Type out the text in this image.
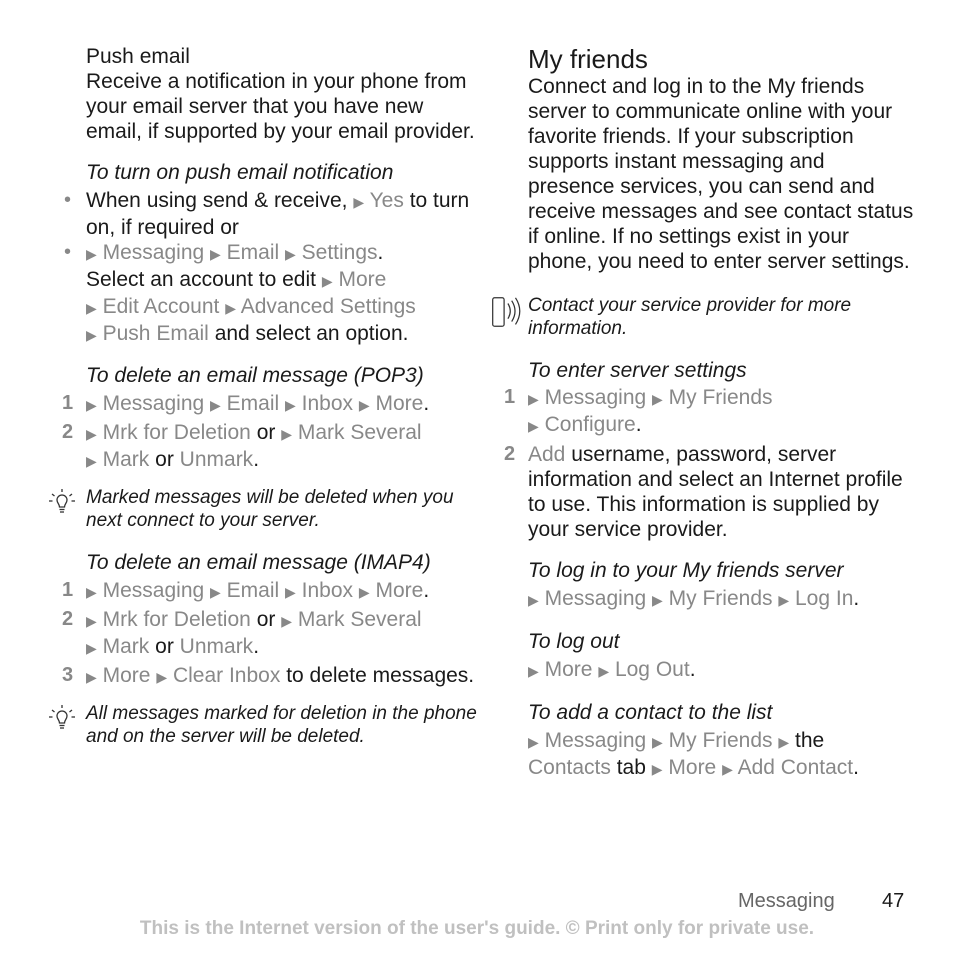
Push email

Receive a notification in your phone from your email server that you have new email, if supported by your email provider.

To turn on push email notification

• When using send & receive, ▶ Yes to turn on, if required or
• ▶ Messaging ▶ Email ▶ Settings.
Select an account to edit ▶ More
▶ Edit Account ▶ Advanced Settings
▶ Push Email and select an option.

To delete an email message (POP3)

1 ▶ Messaging ▶ Email ▶ Inbox ▶ More.
2 ▶ Mrk for Deletion or ▶ Mark Several
▶ Mark or Unmark.
Marked messages will be deleted when you next connect to your server.

To delete an email message (IMAP4)

1 ▶ Messaging ▶ Email ▶ Inbox ▶ More.
2 ▶ Mrk for Deletion or ▶ Mark Several
▶ Mark or Unmark.
3 ▶ More ▶ Clear Inbox to delete messages.
All messages marked for deletion in the phone and on the server will be deleted.
My friends

Connect and log in to the My friends server to communicate online with your favorite friends. If your subscription supports instant messaging and presence services, you can send and receive messages and see contact status if online. If no settings exist in your phone, you need to enter server settings.

Contact your service provider for more information.

To enter server settings

1 ▶ Messaging ▶ My Friends
▶ Configure.
2 Add username, password, server information and select an Internet profile to use. This information is supplied by your service provider.

To log in to your My friends server

▶ Messaging ▶ My Friends ▶ Log In.

To log out

▶ More ▶ Log Out.

To add a contact to the list

▶ Messaging ▶ My Friends ▶ the
Contacts tab ▶ More ▶ Add Contact.
Messaging 47
This is the Internet version of the user's guide. © Print only for private use.
